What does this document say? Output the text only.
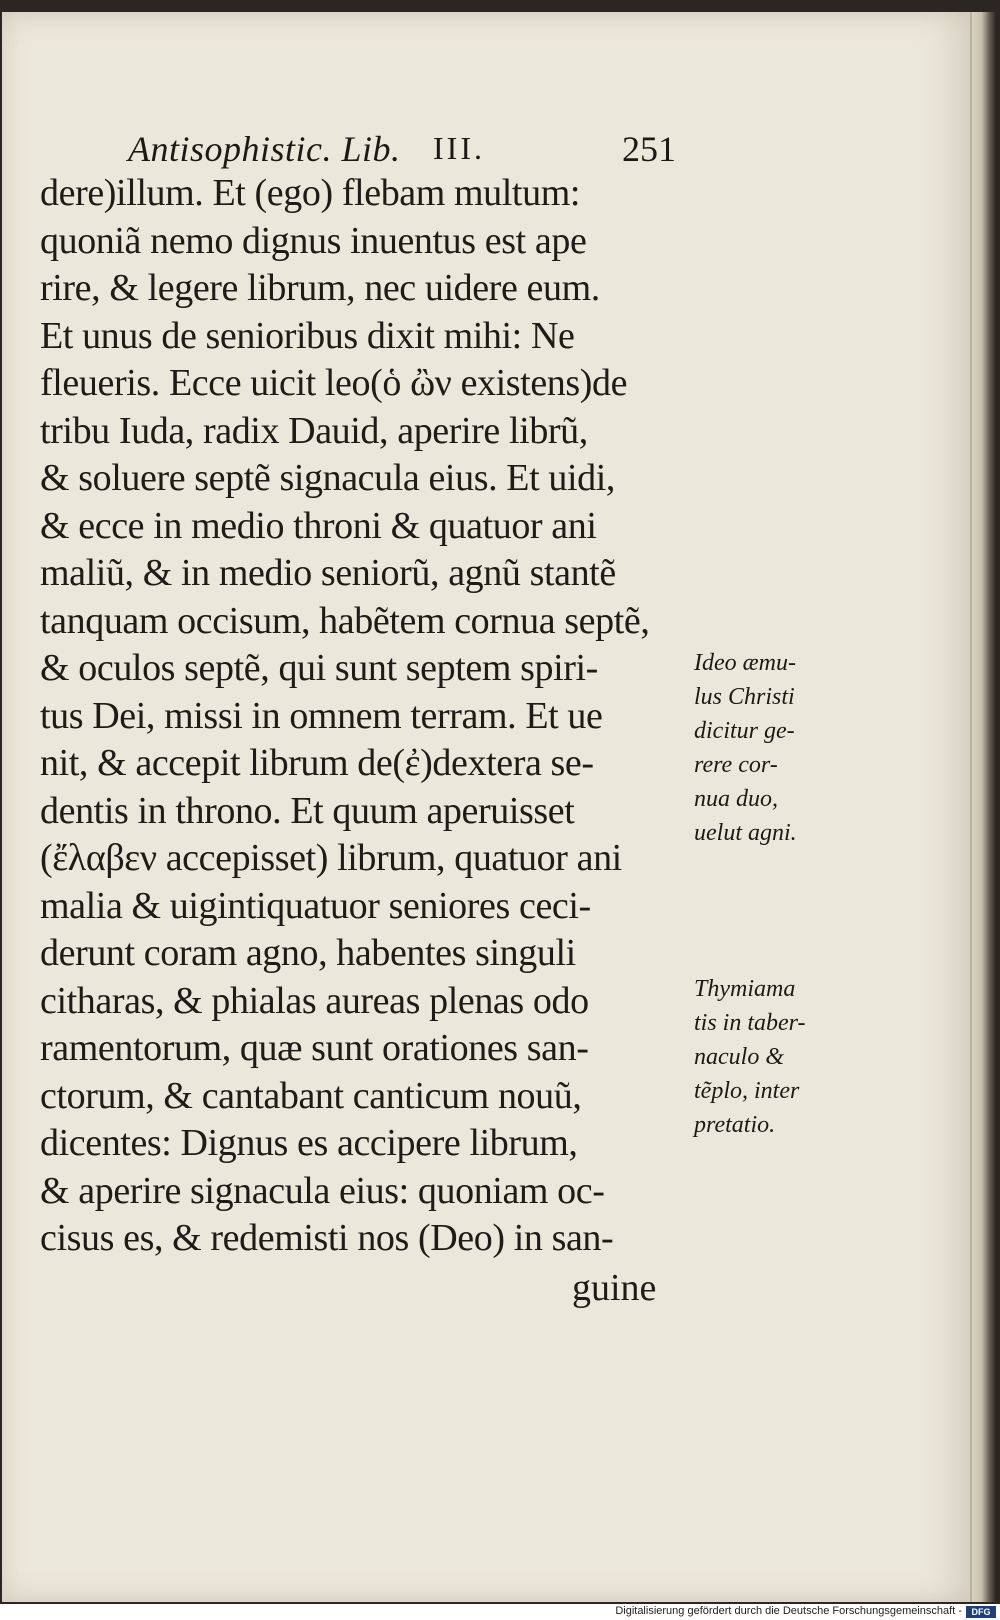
Antisophistic. Lib. III.	251
dere)illum. Et (ego) flebam multum:
quoniã nemo dignus inuentus est ape
rire, & legere librum, nec uidere eum.
Et unus de senioribus dixit mihi: Ne
fleueris. Ecce uicit leo(ὁ ὢν existens)de
tribu Iuda, radix Dauid, aperire librũ,
& soluere septẽ signacula eius. Et uidi,
& ecce in medio throni & quatuor ani
maliũ, & in medio seniorũ, agnũ stantẽ
tanquam occisum, habẽtem cornua septẽ,
& oculos septẽ, qui sunt septem spiri-
tus Dei, missi in omnem terram. Et ue
nit, & accepit librum de(ἐ)dextera se-
dentis in throno. Et quum aperuisset
(ἔλαβεν accepisset) librum, quatuor ani
malia & uigintiquatuor seniores ceci-
derunt coram agno, habentes singuli
citharas, & phialas aureas plenas odo
ramentorum, quæ sunt orationes san-
ctorum, & cantabant canticum nouũ,
dicentes: Dignus es accipere librum,
& aperire signacula eius: quoniam oc-
cisus es, & redemisti nos (Deo) in san-
guine
Ideo æmu-
lus Christi
dicitur ge-
rere cor-
nua duo,
uelut agni.
Thymiama
tis in taber-
naculo &
tẽplo, inter
pretatio.
Digitalisierung gefördert durch die Deutsche Forschungsgemeinschaft -	DFG
